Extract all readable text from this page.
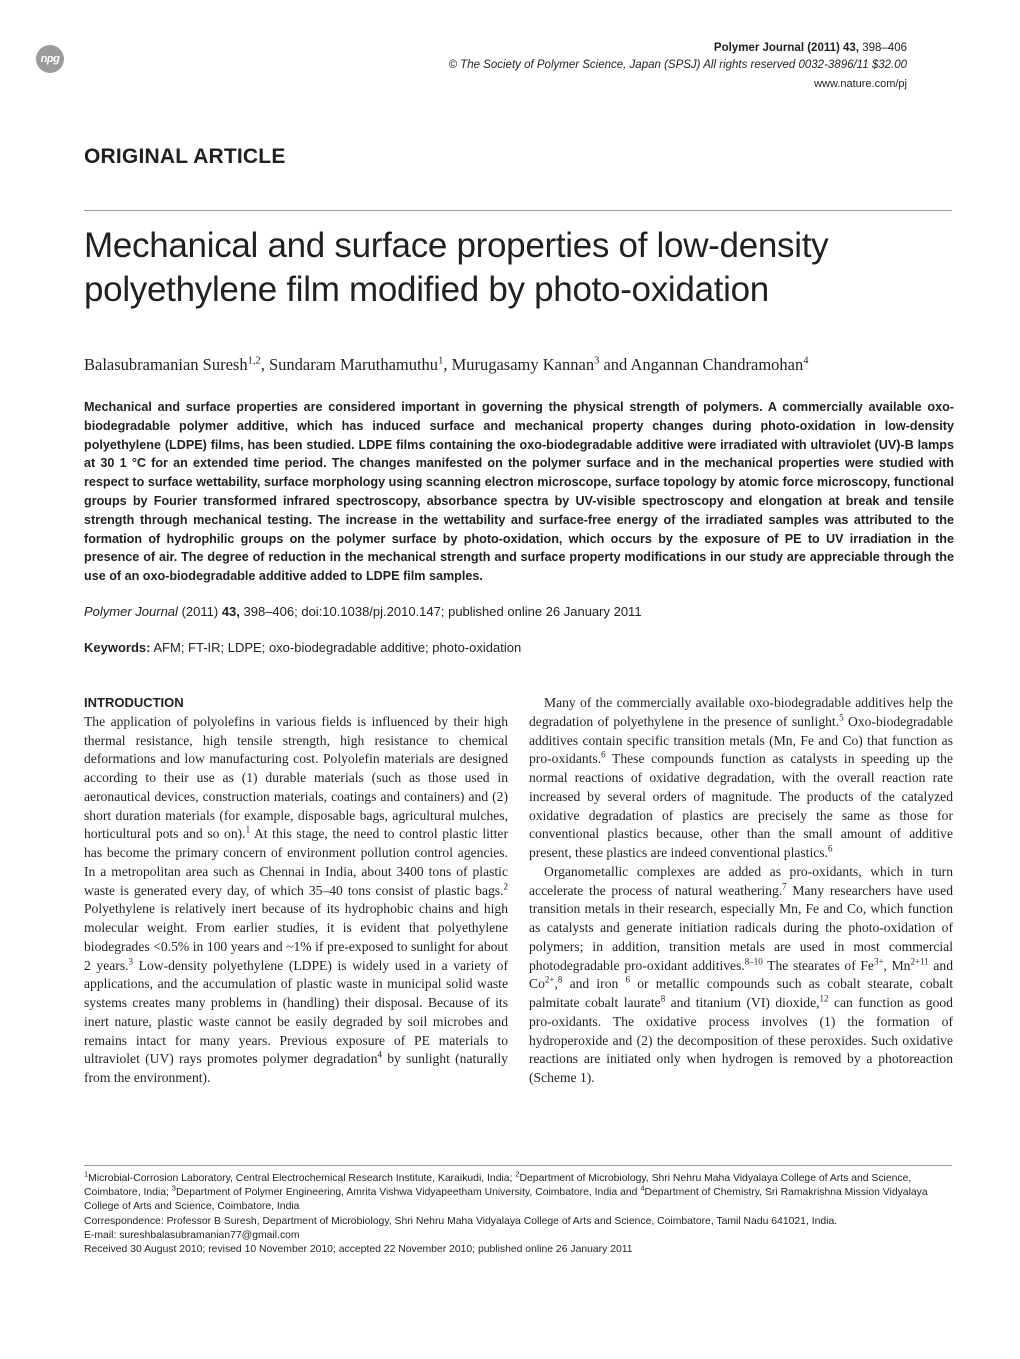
npg
Polymer Journal (2011) 43, 398–406
© The Society of Polymer Science, Japan (SPSJ) All rights reserved 0032-3896/11 $32.00
www.nature.com/pj
ORIGINAL ARTICLE
Mechanical and surface properties of low-density polyethylene film modified by photo-oxidation
Balasubramanian Suresh$^{1,2}$, Sundaram Maruthamuthu$^1$, Murugasamy Kannan$^3$ and Angannan Chandramohan$^4$
Mechanical and surface properties are considered important in governing the physical strength of polymers. A commercially available oxo-biodegradable polymer additive, which has induced surface and mechanical property changes during photo-oxidation in low-density polyethylene (LDPE) films, has been studied. LDPE films containing the oxo-biodegradable additive were irradiated with ultraviolet (UV)-B lamps at 30 1 °C for an extended time period. The changes manifested on the polymer surface and in the mechanical properties were studied with respect to surface wettability, surface morphology using scanning electron microscope, surface topology by atomic force microscopy, functional groups by Fourier transformed infrared spectroscopy, absorbance spectra by UV-visible spectroscopy and elongation at break and tensile strength through mechanical testing. The increase in the wettability and surface-free energy of the irradiated samples was attributed to the formation of hydrophilic groups on the polymer surface by photo-oxidation, which occurs by the exposure of PE to UV irradiation in the presence of air. The degree of reduction in the mechanical strength and surface property modifications in our study are appreciable through the use of an oxo-biodegradable additive added to LDPE film samples.
Polymer Journal (2011) 43, 398–406; doi:10.1038/pj.2010.147; published online 26 January 2011
Keywords: AFM; FT-IR; LDPE; oxo-biodegradable additive; photo-oxidation
INTRODUCTION

The application of polyolefins in various fields is influenced by their high thermal resistance, high tensile strength, high resistance to chemical deformations and low manufacturing cost. Polyolefin materials are designed according to their use as (1) durable materials (such as those used in aeronautical devices, construction materials, coatings and containers) and (2) short duration materials (for example, disposable bags, agricultural mulches, horticultural pots and so on).$^1$ At this stage, the need to control plastic litter has become the primary concern of environment pollution control agencies. In a metropolitan area such as Chennai in India, about 3400 tons of plastic waste is generated every day, of which 35–40 tons consist of plastic bags.$^2$ Polyethylene is relatively inert because of its hydrophobic chains and high molecular weight. From earlier studies, it is evident that polyethylene biodegrades <0.5% in 100 years and ~1% if pre-exposed to sunlight for about 2 years.$^3$ Low-density polyethylene (LDPE) is widely used in a variety of applications, and the accumulation of plastic waste in municipal solid waste systems creates many problems in (handling) their disposal. Because of its inert nature, plastic waste cannot be easily degraded by soil microbes and remains intact for many years. Previous exposure of PE materials to ultraviolet (UV) rays promotes polymer degradation$^4$ by sunlight (naturally from the environment).

Many of the commercially available oxo-biodegradable additives help the degradation of polyethylene in the presence of sunlight.$^5$ Oxo-biodegradable additives contain specific transition metals (Mn, Fe and Co) that function as pro-oxidants.$^6$ These compounds function as catalysts in speeding up the normal reactions of oxidative degradation, with the overall reaction rate increased by several orders of magnitude. The products of the catalyzed oxidative degradation of plastics are precisely the same as those for conventional plastics because, other than the small amount of additive present, these plastics are indeed conventional plastics.$^6$

Organometallic complexes are added as pro-oxidants, which in turn accelerate the process of natural weathering.$^7$ Many researchers have used transition metals in their research, especially Mn, Fe and Co, which function as catalysts and generate initiation radicals during the photo-oxidation of polymers; in addition, transition metals are used in most commercial photodegradable pro-oxidant additives.$^{8-10}$ The stearates of $Fe^{3+}$, $Mn^{2+11}$ and $Co^{2+},^8$ and iron $^6$ or metallic compounds such as cobalt stearate, cobalt palmitate cobalt laurate$^8$ and titanium (VI) dioxide,$^{12}$ can function as good pro-oxidants. The oxidative process involves (1) the formation of hydroperoxide and (2) the decomposition of these peroxides. Such oxidative reactions are initiated only when hydrogen is removed by a photoreaction (Scheme 1).

$^1$Microbial-Corrosion Laboratory, Central Electrochemical Research Institute, Karaikudi, India; $^2$Department of Microbiology, Shri Nehru Maha Vidyalaya College of Arts and Science, Coimbatore, India; $^3$Department of Polymer Engineering, Amrita Vishwa Vidyapeetham University, Coimbatore, India and $^4$Department of Chemistry, Sri Ramakrishna Mission Vidyalaya College of Arts and Science, Coimbatore, India

Correspondence: Professor B Suresh, Department of Microbiology, Shri Nehru Maha Vidyalaya College of Arts and Science, Coimbatore, Tamil Nadu 641021, India.

E-mail: sureshbalasubramanian77@gmail.com

Received 30 August 2010; revised 10 November 2010; accepted 22 November 2010; published online 26 January 2011
